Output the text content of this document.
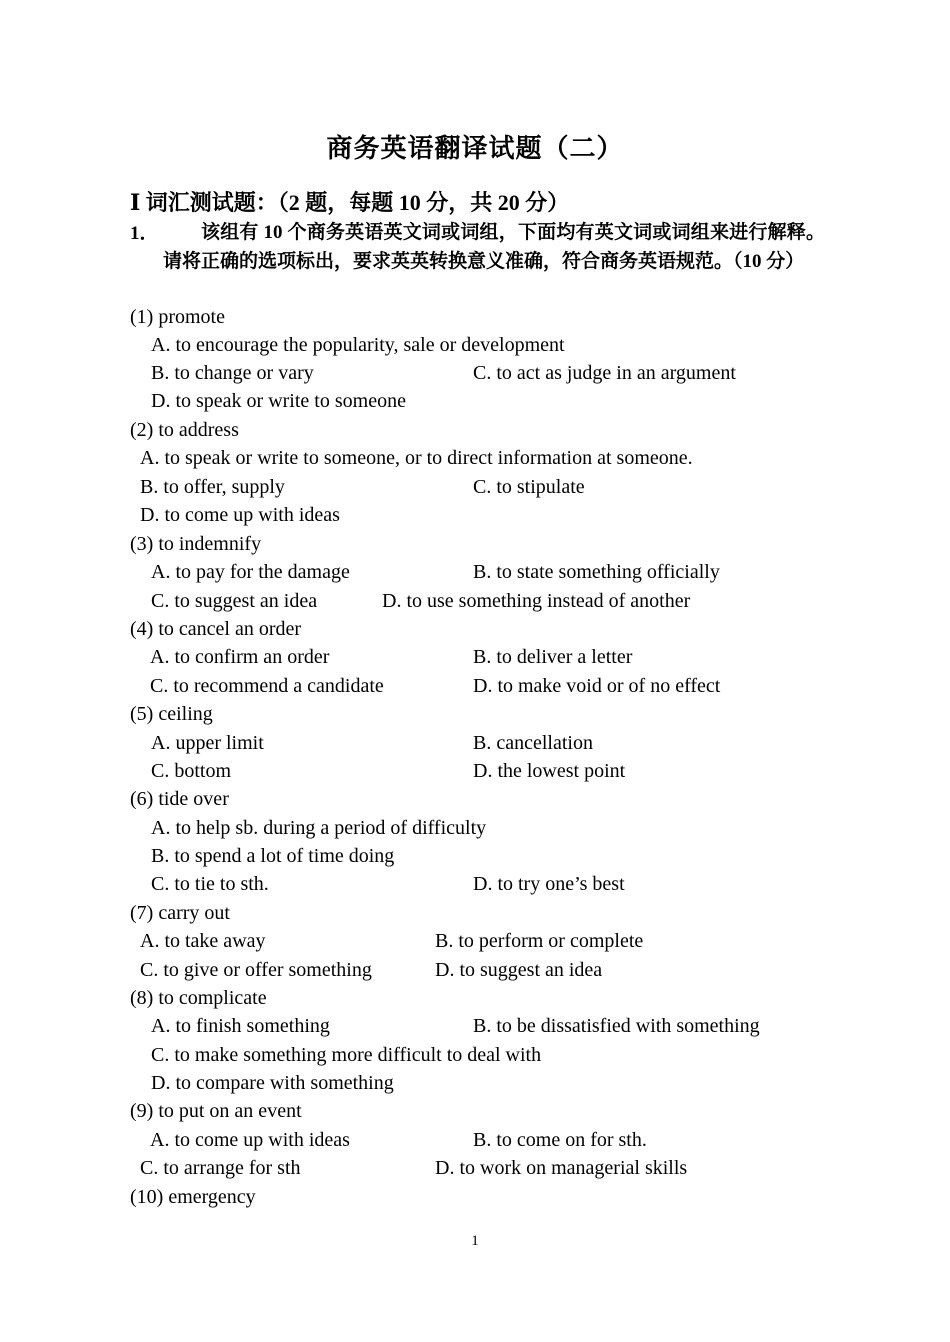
商务英语翻译试题（二）
Ⅰ 词汇测试题：（2 题，每题 10 分，共 20 分）
1．	该组有 10 个商务英语英文词或词组，下面均有英文词或词组来进行解释。请将正确的选项标出，要求英英转换意义准确，符合商务英语规范。（10 分）
(1) promote
A. to encourage the popularity, sale or development
B. to change or vary	C. to act as judge in an argument
D. to speak or write to someone
(2) to address
A. to speak or write to someone, or to direct information at someone.
B. to offer, supply	C. to stipulate
D. to come up with ideas
(3) to indemnify
A. to pay for the damage	B. to state something officially
C. to suggest an idea	D. to use something instead of another
(4) to cancel an order
A. to confirm an order	B. to deliver a letter
C. to recommend a candidate	D. to make void or of no effect
(5) ceiling
A. upper limit	B. cancellation
C. bottom	D. the lowest point
(6) tide over
A. to help sb. during a period of difficulty
B. to spend a lot of time doing
C. to tie to sth.	D. to try one’s best
(7) carry out
A. to take away	B. to perform or complete
C. to give or offer something	D. to suggest an idea
(8) to complicate
A. to finish something	B. to be dissatisfied with something
C. to make something more difficult to deal with
D. to compare with something
(9) to put on an event
A. to come up with ideas	B. to come on for sth.
C. to arrange for sth	D. to work on managerial skills
(10) emergency
1
